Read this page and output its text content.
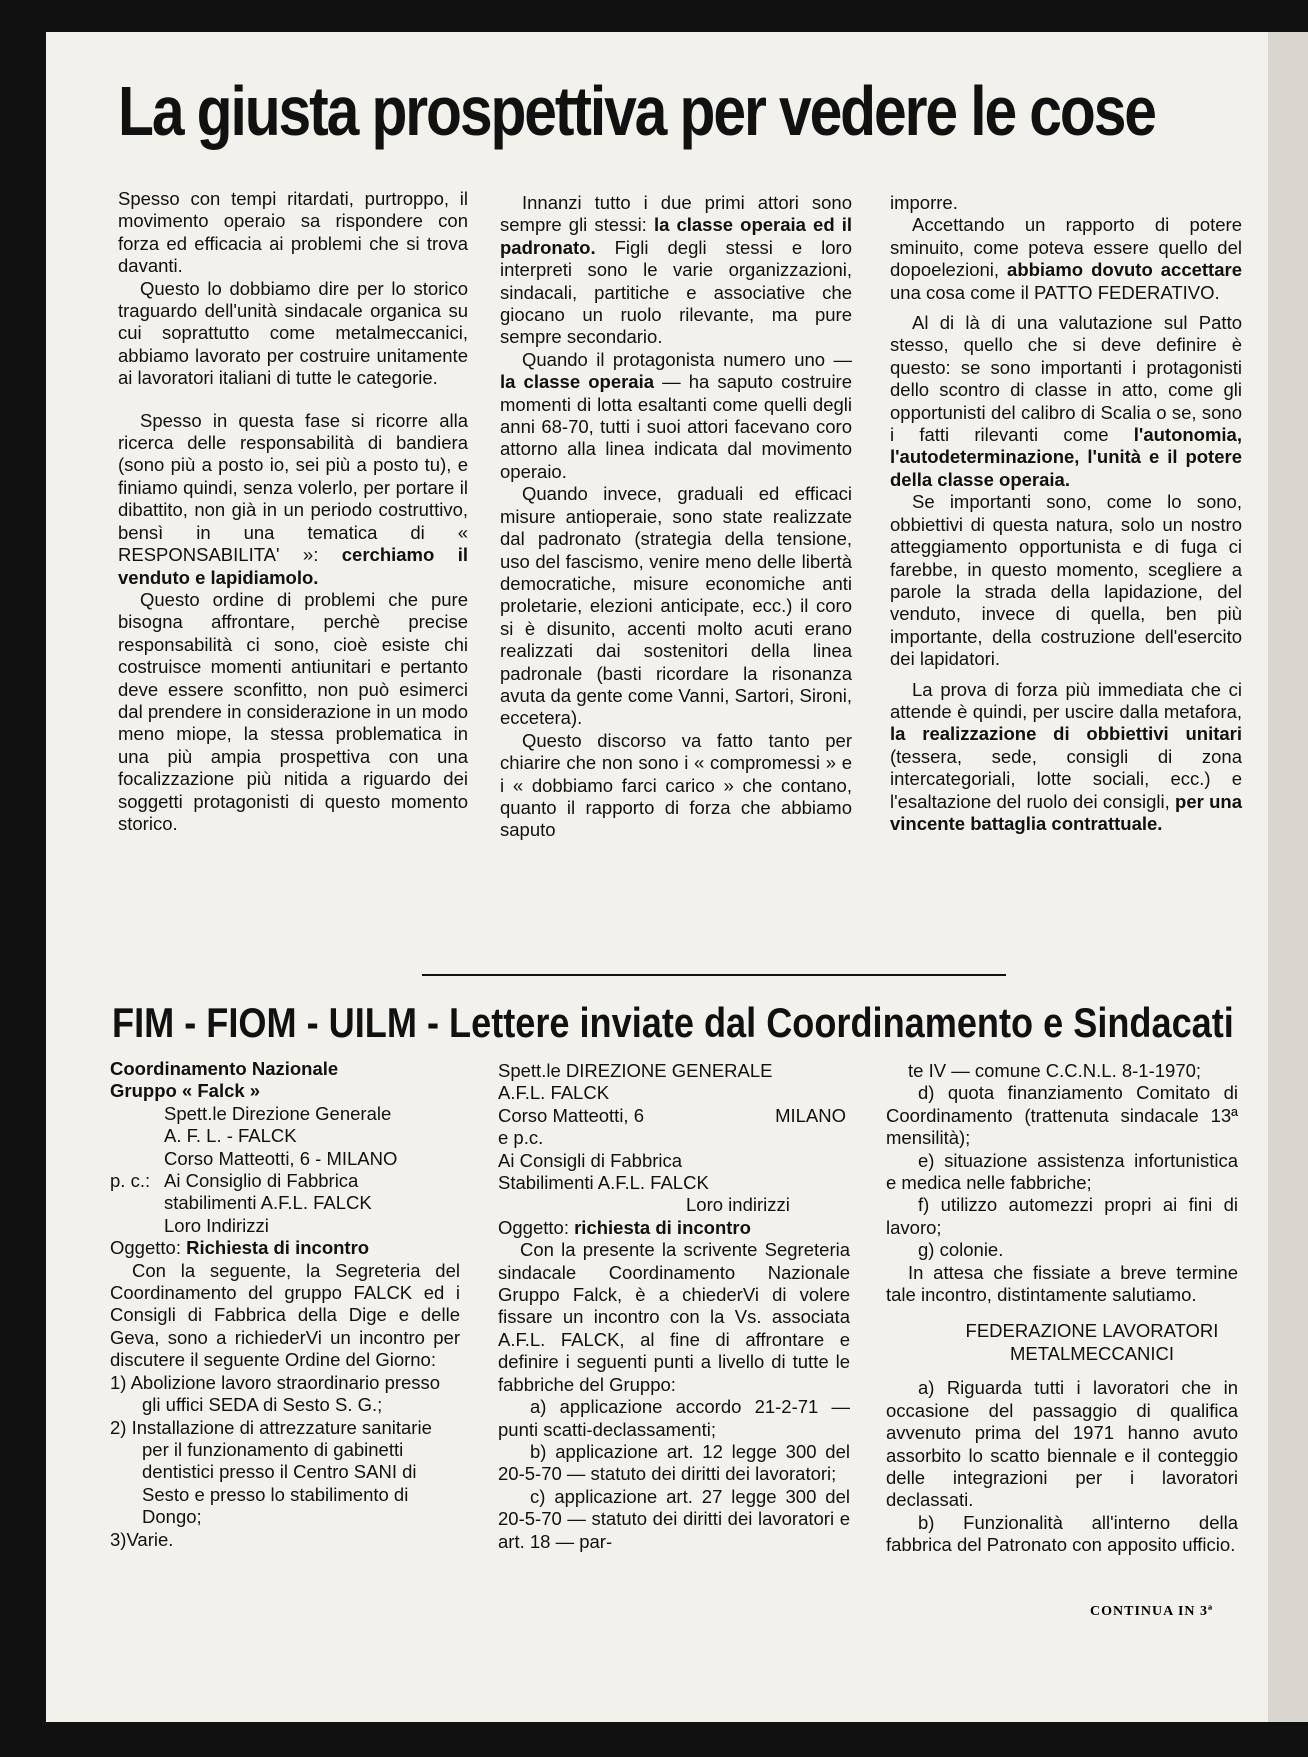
La giusta prospettiva per vedere le cose

Spesso con tempi ritardati, purtroppo, il movimento operaio sa rispondere con forza ed efficacia ai problemi che si trova davanti.

Questo lo dobbiamo dire per lo storico traguardo dell'unità sindacale organica su cui soprattutto come metalmeccanici, abbiamo lavorato per costruire unitamente ai lavoratori italiani di tutte le categorie.

Spesso in questa fase si ricorre alla ricerca delle responsabilità di bandiera (sono più a posto io, sei più a posto tu), e finiamo quindi, senza volerlo, per portare il dibattito, non già in un periodo costruttivo, bensì in una tematica di « RESPONSABILITA' »: cerchiamo il venduto e lapidiamolo.

Questo ordine di problemi che pure bisogna affrontare, perchè precise responsabilità ci sono, cioè esiste chi costruisce momenti antiunitari e pertanto deve essere sconfitto, non può esimerci dal prendere in considerazione in un modo meno miope, la stessa problematica in una più ampia prospettiva con una focalizzazione più nitida a riguardo dei soggetti protagonisti di questo momento storico.

Innanzi tutto i due primi attori sono sempre gli stessi: la classe operaia ed il padronato. Figli degli stessi e loro interpreti sono le varie organizzazioni, sindacali, partitiche e associative che giocano un ruolo rilevante, ma pure sempre secondario.

Quando il protagonista numero uno — la classe operaia — ha saputo costruire momenti di lotta esaltanti come quelli degli anni 68-70, tutti i suoi attori facevano coro attorno alla linea indicata dal movimento operaio.

Quando invece, graduali ed efficaci misure antioperaie, sono state realizzate dal padronato (strategia della tensione, uso del fascismo, venire meno delle libertà democratiche, misure economiche anti proletarie, elezioni anticipate, ecc.) il coro si è disunito, accenti molto acuti erano realizzati dai sostenitori della linea padronale (basti ricordare la risonanza avuta da gente come Vanni, Sartori, Sironi, eccetera).

Questo discorso va fatto tanto per chiarire che non sono i « compromessi » e i « dobbiamo farci carico » che contano, quanto il rapporto di forza che abbiamo saputo

imporre.

Accettando un rapporto di potere sminuito, come poteva essere quello del dopoelezioni, abbiamo dovuto accettare una cosa come il PATTO FEDERATIVO.

Al di là di una valutazione sul Patto stesso, quello che si deve definire è questo: se sono importanti i protagonisti dello scontro di classe in atto, come gli opportunisti del calibro di Scalia o se, sono i fatti rilevanti come l'autonomia, l'autodeterminazione, l'unità e il potere della classe operaia.

Se importanti sono, come lo sono, obbiettivi di questa natura, solo un nostro atteggiamento opportunista e di fuga ci farebbe, in questo momento, scegliere a parole la strada della lapidazione, del venduto, invece di quella, ben più importante, della costruzione dell'esercito dei lapidatori.

La prova di forza più immediata che ci attende è quindi, per uscire dalla metafora, la realizzazione di obbiettivi unitari (tessera, sede, consigli di zona intercategoriali, lotte sociali, ecc.) e l'esaltazione del ruolo dei consigli, per una vincente battaglia contrattuale.

FIM - FIOM - UILM - Lettere inviate dal Coordinamento e Sindacati
Coordinamento Nazionale
Gruppo « Falck »
Spett.le Direzione Generale
A. F. L. - FALCK
Corso Matteotti, 6 - MILANO
p. c.: Ai Consiglio di Fabbrica
stabilimenti A.F.L. FALCK
Loro Indirizzi
Oggetto: Richiesta di incontro

Con la seguente, la Segreteria del Coordinamento del gruppo FALCK ed i Consigli di Fabbrica della Dige e delle Geva, sono a richiederVi un incontro per discutere il seguente Ordine del Giorno:

1) Abolizione lavoro straordinario presso gli uffici SEDA di Sesto S. G.;
2) Installazione di attrezzature sanitarie per il funzionamento di gabinetti dentistici presso il Centro SANI di Sesto e presso lo stabilimento di Dongo;
3)Varie.
Spett.le DIREZIONE GENERALE
A.F.L. FALCK
Corso Matteotti, 6	MILANO
e p.c.
Ai Consigli di Fabbrica
Stabilimenti A.F.L. FALCK
Loro indirizzi
Oggetto: richiesta di incontro

Con la presente la scrivente Segreteria sindacale Coordinamento Nazionale Gruppo Falck, è a chiederVi di volere fissare un incontro con la Vs. associata A.F.L. FALCK, al fine di affrontare e definire i seguenti punti a livello di tutte le fabbriche del Gruppo:

a) applicazione accordo 21-2-71 — punti scatti-declassamenti;

b) applicazione art. 12 legge 300 del 20-5-70 — statuto dei diritti dei lavoratori;

c) applicazione art. 27 legge 300 del 20-5-70 — statuto dei diritti dei lavoratori e art. 18 — par-

te IV — comune C.C.N.L. 8-1-1970;

d) quota finanziamento Comitato di Coordinamento (trattenuta sindacale 13ª mensilità);

e) situazione assistenza infortunistica e medica nelle fabbriche;

f) utilizzo automezzi propri ai fini di lavoro;

g) colonie.

In attesa che fissiate a breve termine tale incontro, distintamente salutiamo.

FEDERAZIONE LAVORATORI
METALMECCANICI

a) Riguarda tutti i lavoratori che in occasione del passaggio di qualifica avvenuto prima del 1971 hanno avuto assorbito lo scatto biennale e il conteggio delle integrazioni per i lavoratori declassati.

b) Funzionalità all'interno della fabbrica del Patronato con apposito ufficio.

CONTINUA IN 3ª
